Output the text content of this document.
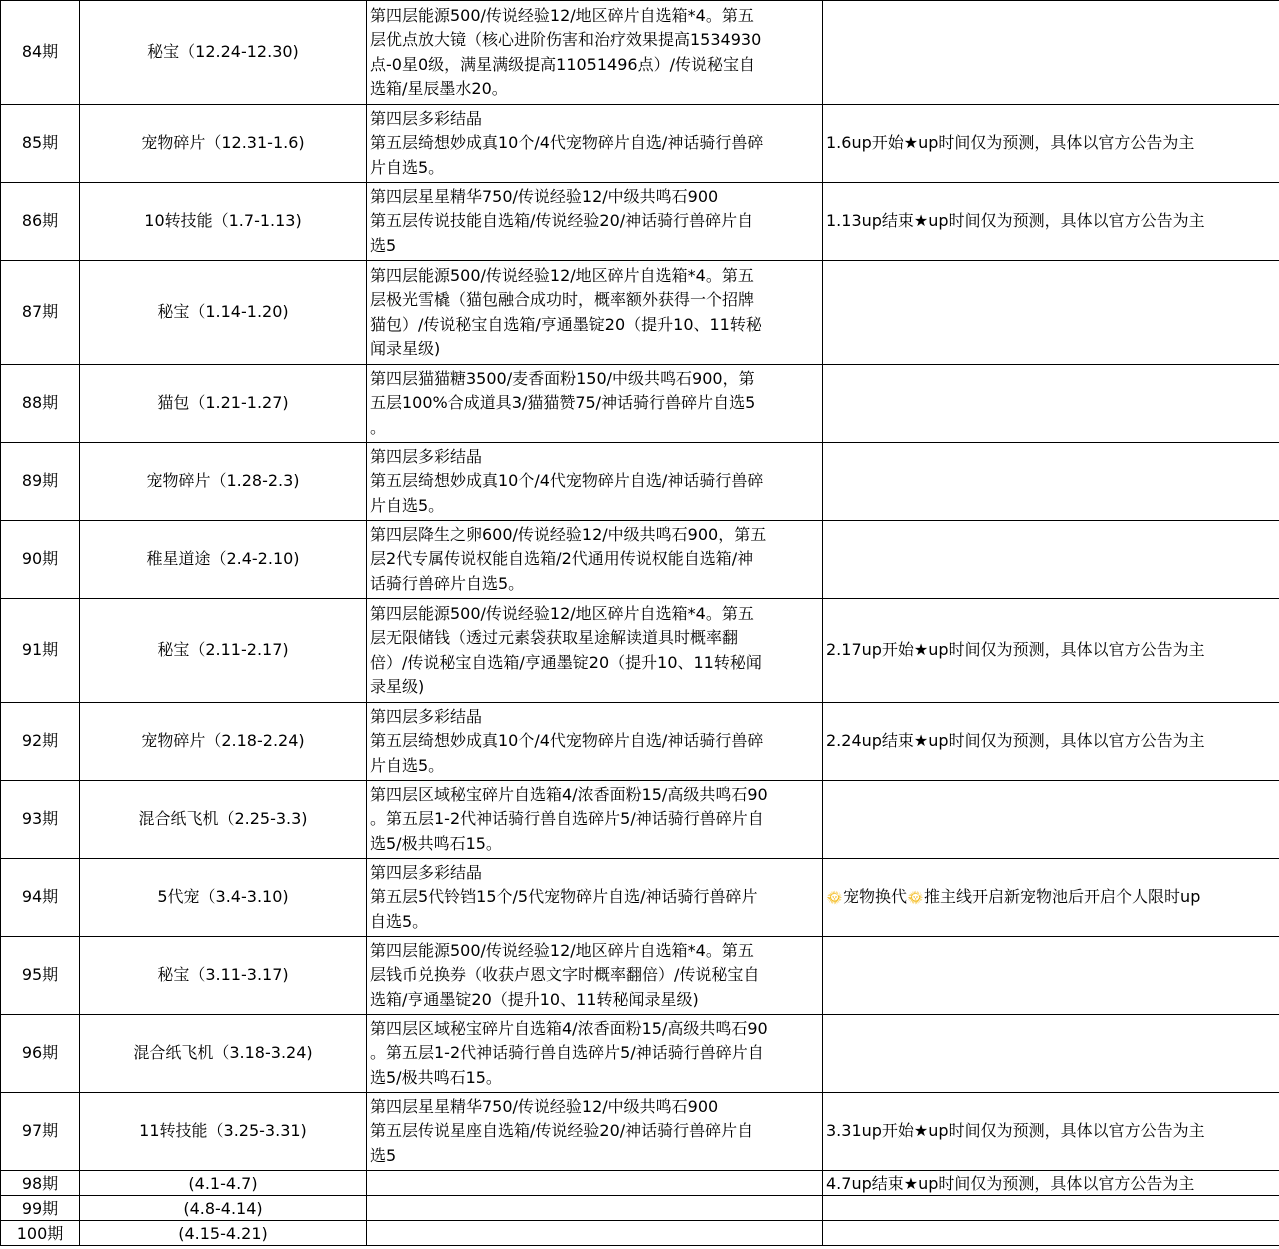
84期	秘宝（12.24-12.30)	第四层能源500/传说经验12/地区碎片自选箱*4。第五
层优点放大镜（核心进阶伤害和治疗效果提高1534930
点-0星0级，满星满级提高11051496点）/传说秘宝自
选箱/星辰墨水20。	
85期	宠物碎片（12.31-1.6)	第四层多彩结晶
第五层绮想妙成真10个/4代宠物碎片自选/神话骑行兽碎
片自选5。	1.6up开始★up时间仅为预测，具体以官方公告为主
86期	10转技能（1.7-1.13)	第四层星星精华750/传说经验12/中级共鸣石900
第五层传说技能自选箱/传说经验20/神话骑行兽碎片自
选5	1.13up结束★up时间仅为预测，具体以官方公告为主
87期	秘宝（1.14-1.20)	第四层能源500/传说经验12/地区碎片自选箱*4。第五
层极光雪橇（猫包融合成功时，概率额外获得一个招牌
猫包）/传说秘宝自选箱/亨通墨锭20（提升10、11转秘
闻录星级)	
88期	猫包（1.21-1.27)	第四层猫猫糖3500/麦香面粉150/中级共鸣石900，第
五层100%合成道具3/猫猫赞75/神话骑行兽碎片自选5
。	
89期	宠物碎片（1.28-2.3)	第四层多彩结晶
第五层绮想妙成真10个/4代宠物碎片自选/神话骑行兽碎
片自选5。	
90期	稚星道途（2.4-2.10)	第四层降生之卵600/传说经验12/中级共鸣石900，第五
层2代专属传说权能自选箱/2代通用传说权能自选箱/神
话骑行兽碎片自选5。	
91期	秘宝（2.11-2.17)	第四层能源500/传说经验12/地区碎片自选箱*4。第五
层无限储钱（透过元素袋获取星途解读道具时概率翻
倍）/传说秘宝自选箱/亨通墨锭20（提升10、11转秘闻
录星级)	2.17up开始★up时间仅为预测，具体以官方公告为主
92期	宠物碎片（2.18-2.24)	第四层多彩结晶
第五层绮想妙成真10个/4代宠物碎片自选/神话骑行兽碎
片自选5。	2.24up结束★up时间仅为预测，具体以官方公告为主
93期	混合纸飞机（2.25-3.3)	第四层区域秘宝碎片自选箱4/浓香面粉15/高级共鸣石90
。第五层1-2代神话骑行兽自选碎片5/神话骑行兽碎片自
选5/极共鸣石15。	
94期	5代宠（3.4-3.10)	第四层多彩结晶
第五层5代铃铛15个/5代宠物碎片自选/神话骑行兽碎片
自选5。	🌞︎宠物换代🌞︎推主线开启新宠物池后开启个人限时up
95期	秘宝（3.11-3.17)	第四层能源500/传说经验12/地区碎片自选箱*4。第五
层钱币兑换券（收获卢恩文字时概率翻倍）/传说秘宝自
选箱/亨通墨锭20（提升10、11转秘闻录星级)	
96期	混合纸飞机（3.18-3.24)	第四层区域秘宝碎片自选箱4/浓香面粉15/高级共鸣石90
。第五层1-2代神话骑行兽自选碎片5/神话骑行兽碎片自
选5/极共鸣石15。	
97期	11转技能（3.25-3.31)	第四层星星精华750/传说经验12/中级共鸣石900
第五层传说星座自选箱/传说经验20/神话骑行兽碎片自
选5	3.31up开始★up时间仅为预测，具体以官方公告为主
98期	(4.1-4.7)		4.7up结束★up时间仅为预测，具体以官方公告为主
99期	(4.8-4.14)		
100期	(4.15-4.21)		
